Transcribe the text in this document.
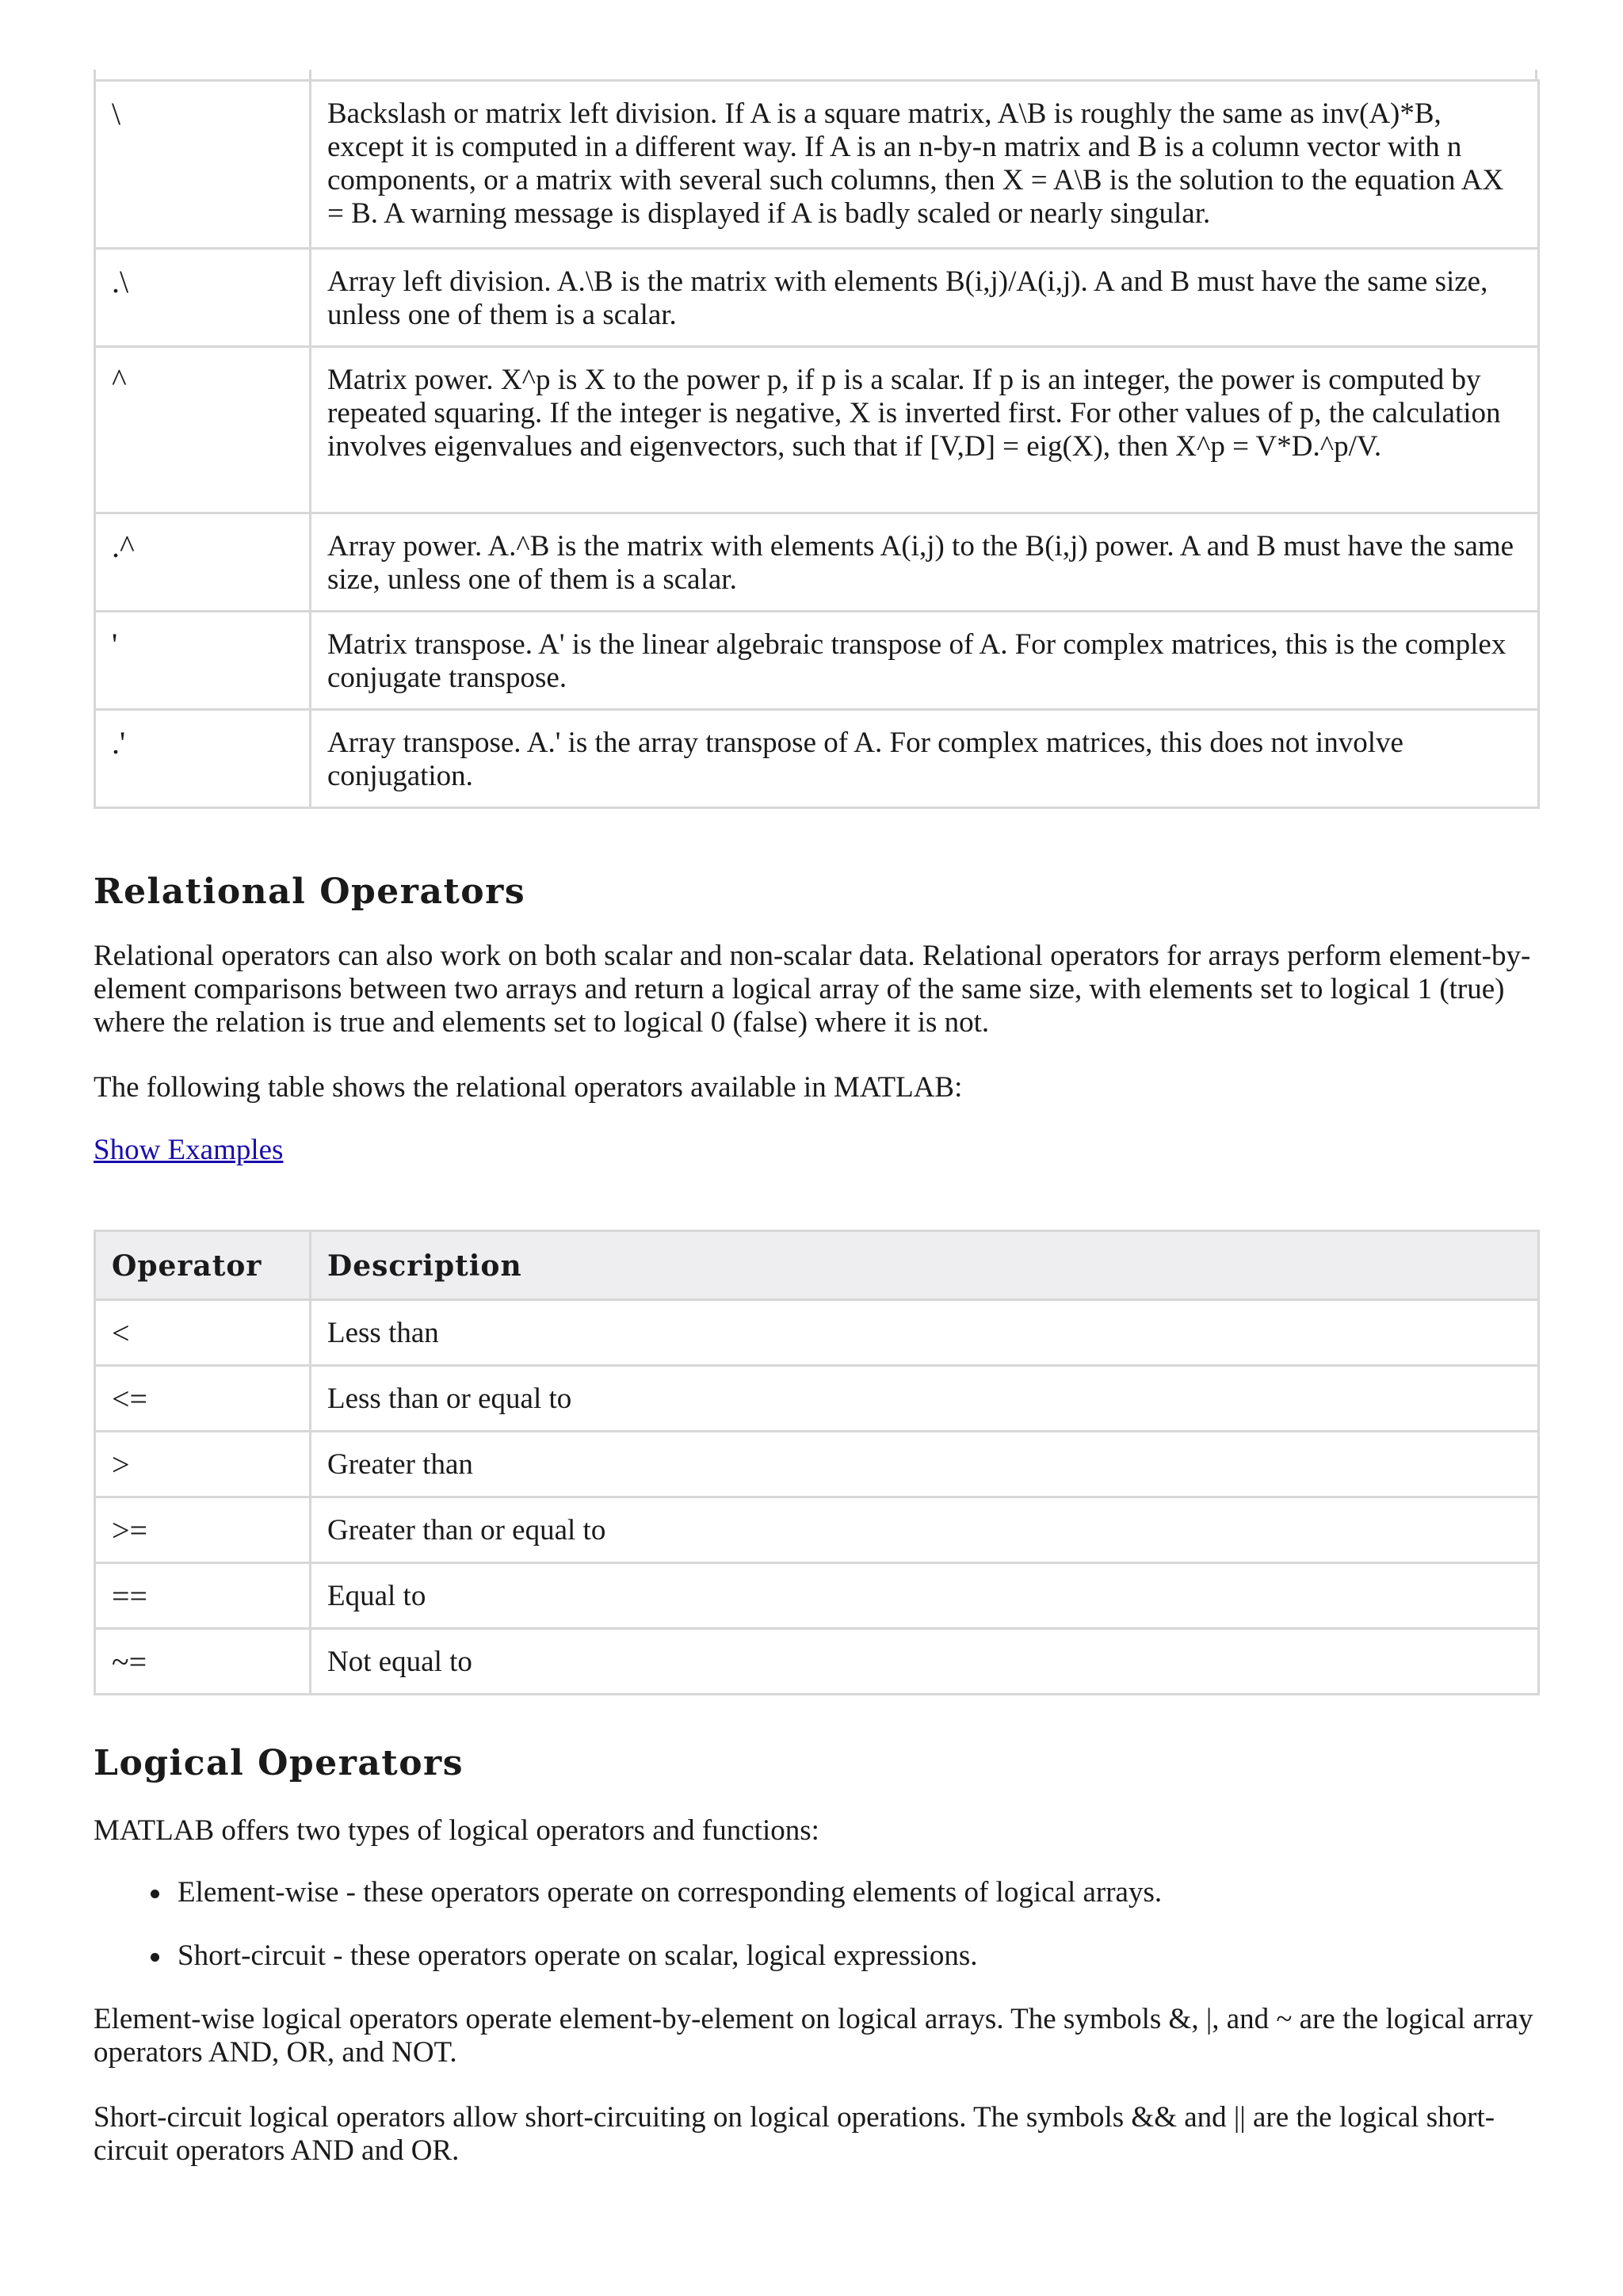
\	Backslash or matrix left division. If A is a square matrix, A\B is roughly the same as inv(A)*B, except it is computed in a different way. If A is an n-by-n matrix and B is a column vector with n components, or a matrix with several such columns, then X = A\B is the solution to the equation AX = B. A warning message is displayed if A is badly scaled or nearly singular.
.\	Array left division. A.\B is the matrix with elements B(i,j)/A(i,j). A and B must have the same size, unless one of them is a scalar.
^	Matrix power. X^p is X to the power p, if p is a scalar. If p is an integer, the power is computed by repeated squaring. If the integer is negative, X is inverted first. For other values of p, the calculation involves eigenvalues and eigenvectors, such that if [V,D] = eig(X), then X^p = V*D.^p/V.
.^	Array power. A.^B is the matrix with elements A(i,j) to the B(i,j) power. A and B must have the same size, unless one of them is a scalar.
'	Matrix transpose. A' is the linear algebraic transpose of A. For complex matrices, this is the complex conjugate transpose.
.'	Array transpose. A.' is the array transpose of A. For complex matrices, this does not involve conjugation.
Relational Operators

Relational operators can also work on both scalar and non-scalar data. Relational operators for arrays perform element-by-element comparisons between two arrays and return a logical array of the same size, with elements set to logical 1 (true) where the relation is true and elements set to logical 0 (false) where it is not.

The following table shows the relational operators available in MATLAB:

Show Examples
Operator	Description
<	Less than
<=	Less than or equal to
>	Greater than
>=	Greater than or equal to
==	Equal to
~=	Not equal to
Logical Operators

MATLAB offers two types of logical operators and functions:

Element-wise - these operators operate on corresponding elements of logical arrays.
Short-circuit - these operators operate on scalar, logical expressions.

Element-wise logical operators operate element-by-element on logical arrays. The symbols &, |, and ~ are the logical array operators AND, OR, and NOT.

Short-circuit logical operators allow short-circuiting on logical operations. The symbols && and || are the logical short-circuit operators AND and OR.
